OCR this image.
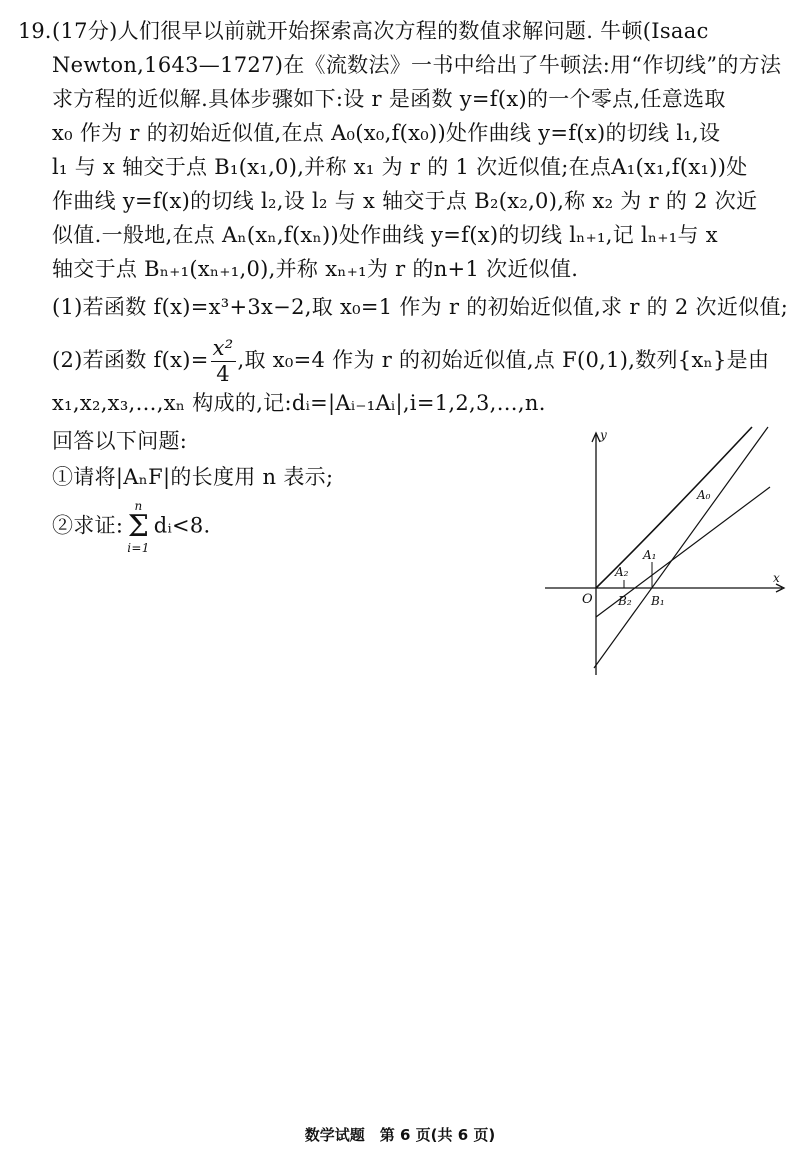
19. (17分)人们很早以前就开始探索高次方程的数值求解问题. 牛顿(Isaac
Newton,1643—1727)在《流数法》一书中给出了牛顿法:用“作切线”的方法
求方程的近似解.具体步骤如下:设 r 是函数 y=f(x)的一个零点,任意选取
x₀ 作为 r 的初始近似值,在点 A₀(x₀,f(x₀))处作曲线 y=f(x)的切线 l₁,设
l₁ 与 x 轴交于点 B₁(x₁,0),并称 x₁ 为 r 的 1 次近似值;在点A₁(x₁,f(x₁))处
作曲线 y=f(x)的切线 l₂,设 l₂ 与 x 轴交于点 B₂(x₂,0),称 x₂ 为 r 的 2 次近
似值.一般地,在点 Aₙ(xₙ,f(xₙ))处作曲线 y=f(x)的切线 lₙ₊₁,记 lₙ₊₁与 x
轴交于点 Bₙ₊₁(xₙ₊₁,0),并称 xₙ₊₁为 r 的n+1 次近似值.
(1)若函数 f(x)=x³+3x−2,取 x₀=1 作为 r 的初始近似值,求 r 的 2 次近似值;
(2)若函数 $f(x)= \frac{\text{x²}}{4}$ ,取 x₀=4 作为 r 的初始近似值,点 F(0,1),数列{xₙ}是由
x₁,x₂,x₃,…,xₙ 构成的,记:dᵢ=|Aᵢ₋₁Aᵢ|,i=1,2,3,…,n.
回答以下问题:
①请将|AₙF|的长度用 n 表示;
②求证:
n
Σ
i=1
dᵢ<8.
y
x
O
A₀
A₁
A₂
B₁
B₂
数学试题　第 6 页(共 6 页)
